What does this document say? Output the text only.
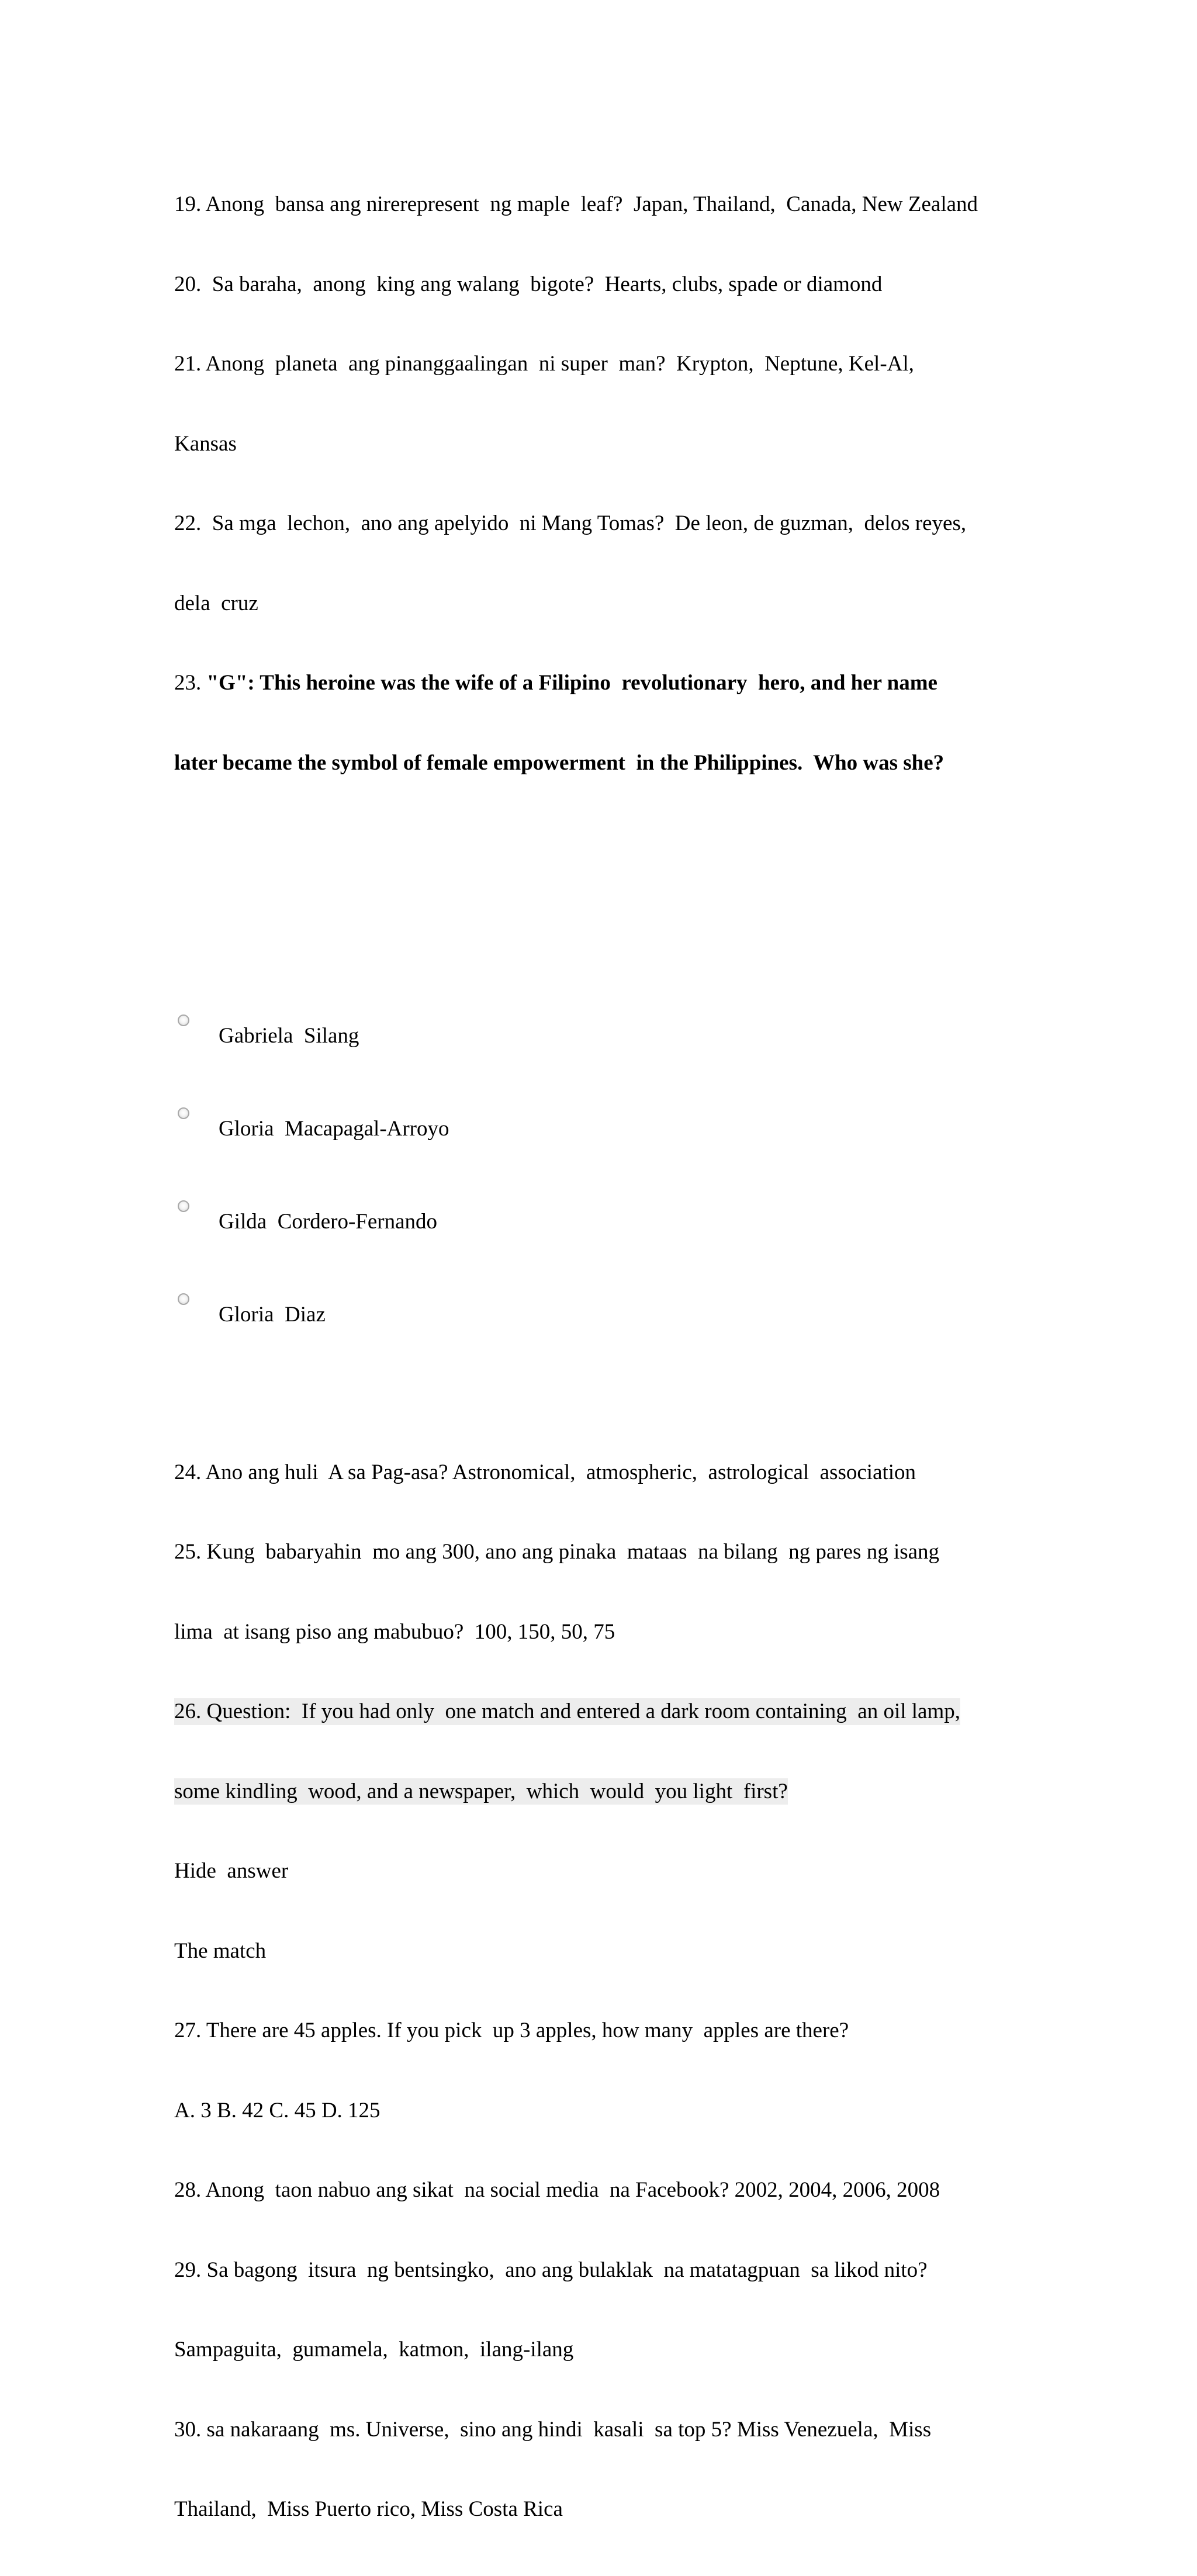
19. Anong  bansa ang nirerepresent  ng maple  leaf?  Japan, Thailand,  Canada, New Zealand

20.  Sa baraha,  anong  king ang walang  bigote?  Hearts, clubs, spade or diamond

21. Anong  planeta  ang pinanggaalingan  ni super  man?  Krypton,  Neptune, Kel-Al,

Kansas

22.  Sa mga  lechon,  ano ang apelyido  ni Mang Tomas?  De leon, de guzman,  delos reyes,

dela  cruz

23. "G": This heroine was the wife of a Filipino  revolutionary  hero, and her name

later became the symbol of female empowerment  in the Philippines.  Who was she?

Gabriela  Silang

Gloria  Macapagal-Arroyo

Gilda  Cordero-Fernando

Gloria  Diaz

24. Ano ang huli  A sa Pag-asa? Astronomical,  atmospheric,  astrological  association

25. Kung  babaryahin  mo ang 300, ano ang pinaka  mataas  na bilang  ng pares ng isang

lima  at isang piso ang mabubuo?  100, 150, 50, 75

26. Question:  If you had only  one match and entered a dark room containing  an oil lamp,

some kindling  wood, and a newspaper,  which  would  you light  first?

Hide  answer

The match

27. There are 45 apples. If you pick  up 3 apples, how many  apples are there?

A. 3 B. 42 C. 45 D. 125

28. Anong  taon nabuo ang sikat  na social media  na Facebook? 2002, 2004, 2006, 2008

29. Sa bagong  itsura  ng bentsingko,  ano ang bulaklak  na matatagpuan  sa likod nito?

Sampaguita,  gumamela,  katmon,  ilang-ilang

30. sa nakaraang  ms. Universe,  sino ang hindi  kasali  sa top 5? Miss Venezuela,  Miss

Thailand,  Miss Puerto rico, Miss Costa Rica
